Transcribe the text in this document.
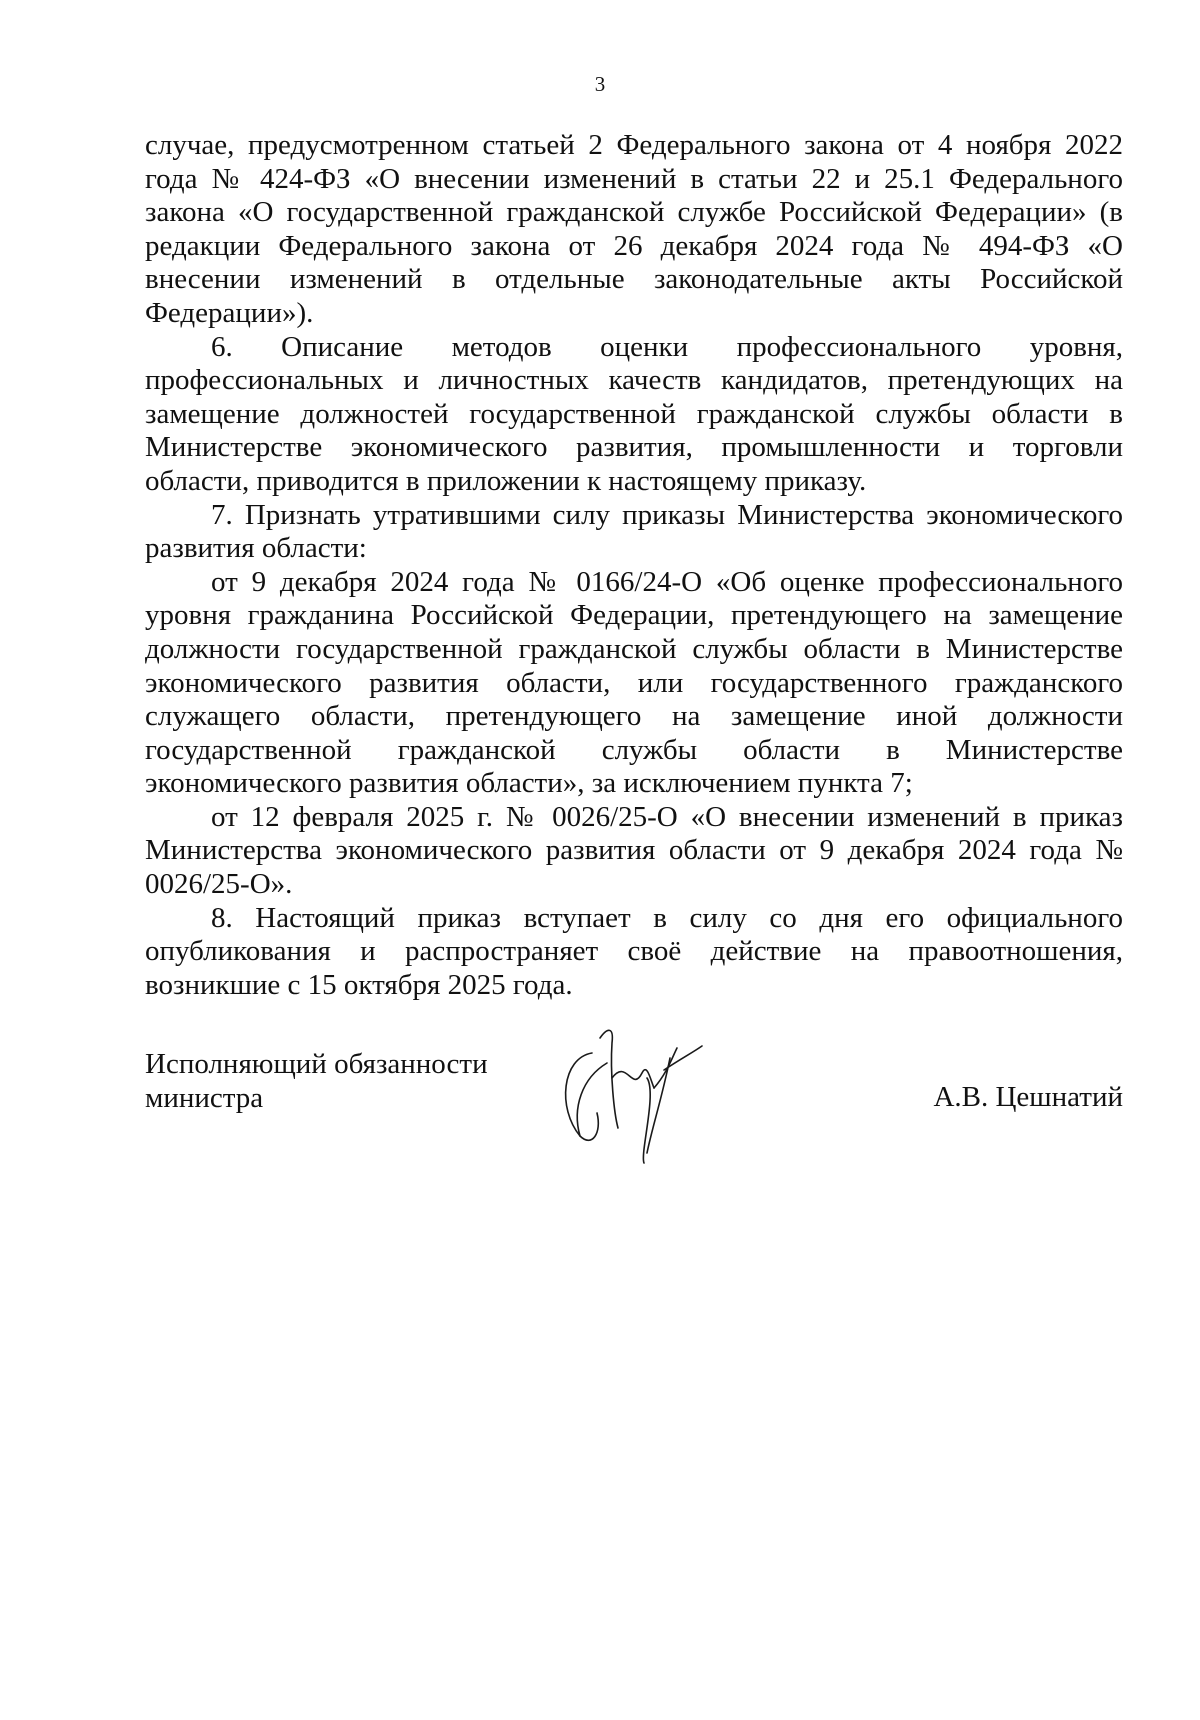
3

случае, предусмотренном статьей 2 Федерального закона от 4 ноября 2022 года № 424-ФЗ «О внесении изменений в статьи 22 и 25.1 Федерального закона «О государственной гражданской службе Российской Федерации» (в редакции Федерального закона от 26 декабря 2024 года № 494-ФЗ «О внесении изменений в отдельные законодательные акты Российской Федерации»).

6. Описание методов оценки профессионального уровня, профессиональных и личностных качеств кандидатов, претендующих на замещение должностей государственной гражданской службы области в Министерстве экономического развития, промышленности и торговли области, приводится в приложении к настоящему приказу.

7. Признать утратившими силу приказы Министерства экономического развития области:

от 9 декабря 2024 года № 0166/24-О «Об оценке профессионального уровня гражданина Российской Федерации, претендующего на замещение должности государственной гражданской службы области в Министерстве экономического развития области, или государственного гражданского служащего области, претендующего на замещение иной должности государственной гражданской службы области в Министерстве экономического развития области», за исключением пункта 7;

от 12 февраля 2025 г. № 0026/25-О «О внесении изменений в приказ Министерства экономического развития области от 9 декабря 2024 года № 0026/25-О».

8. Настоящий приказ вступает в силу со дня его официального опубликования и распространяет своё действие на правоотношения, возникшие с 15 октября 2025 года.

Исполняющий обязанности
министра	А.В. Цешнатий
